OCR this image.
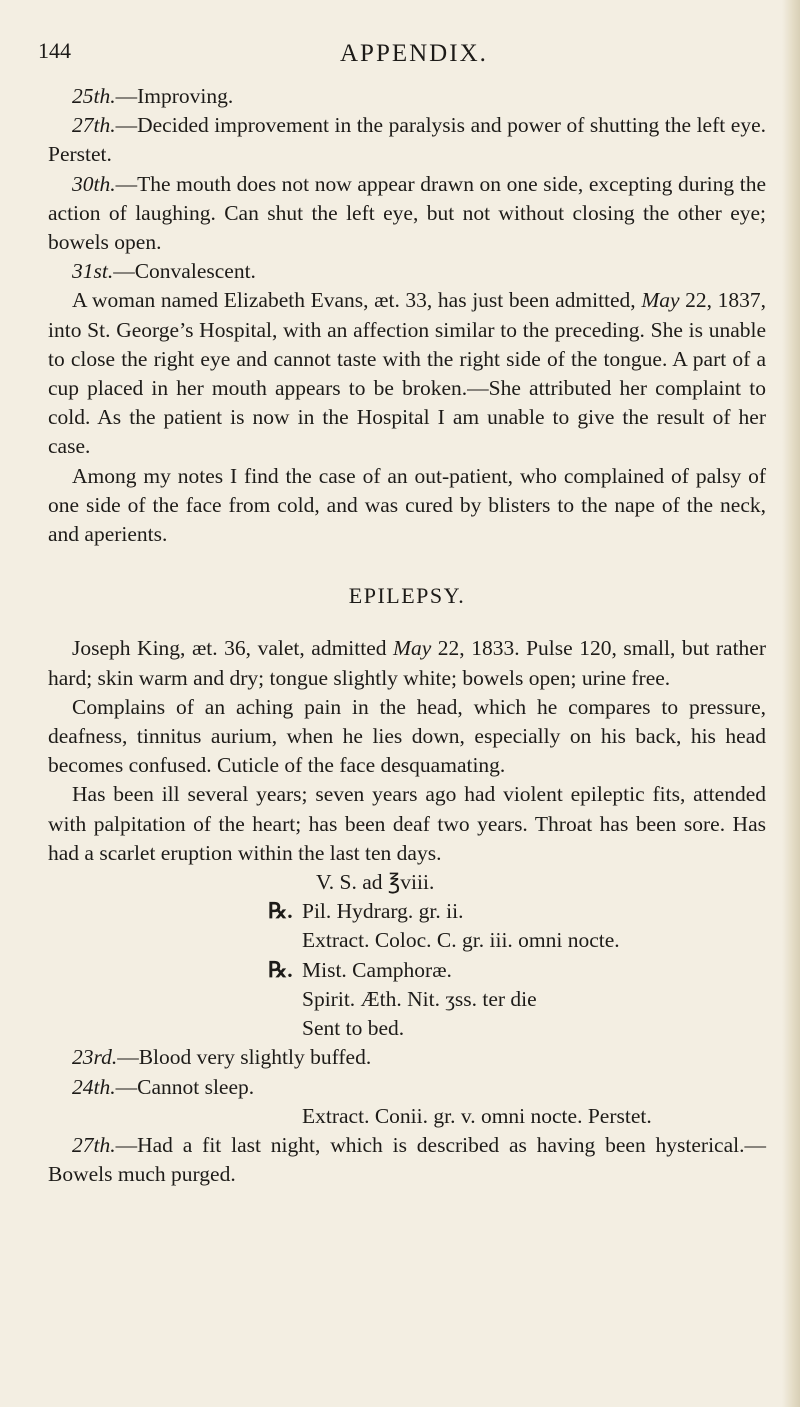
144	APPENDIX.

25th.—Improving.

27th.—Decided improvement in the paralysis and power of shutting the left eye. Perstet.

30th.—The mouth does not now appear drawn on one side, excepting during the action of laughing. Can shut the left eye, but not without closing the other eye; bowels open.

31st.—Convalescent.

A woman named Elizabeth Evans, æt. 33, has just been admitted, May 22, 1837, into St. George’s Hospital, with an affection similar to the preceding. She is unable to close the right eye and cannot taste with the right side of the tongue. A part of a cup placed in her mouth appears to be broken.—She attributed her complaint to cold. As the patient is now in the Hospital I am unable to give the result of her case.

Among my notes I find the case of an out-patient, who complained of palsy of one side of the face from cold, and was cured by blisters to the nape of the neck, and aperients.

EPILEPSY.

Joseph King, æt. 36, valet, admitted May 22, 1833. Pulse 120, small, but rather hard; skin warm and dry; tongue slightly white; bowels open; urine free.

Complains of an aching pain in the head, which he compares to pressure, deafness, tinnitus aurium, when he lies down, especially on his back, his head becomes confused. Cuticle of the face desquamating.

Has been ill several years; seven years ago had violent epileptic fits, attended with palpitation of the heart; has been deaf two years. Throat has been sore. Has had a scarlet eruption within the last ten days.

V. S. ad ℥viii.

℞. Pil. Hydrarg. gr. ii.

Extract. Coloc. C. gr. iii. omni nocte.

℞. Mist. Camphoræ.

Spirit. Æth. Nit. ʒss. ter die

Sent to bed.

23rd.—Blood very slightly buffed.

24th.—Cannot sleep.

Extract. Conii. gr. v. omni nocte. Perstet.

27th.—Had a fit last night, which is described as having been hysterical.—Bowels much purged.
